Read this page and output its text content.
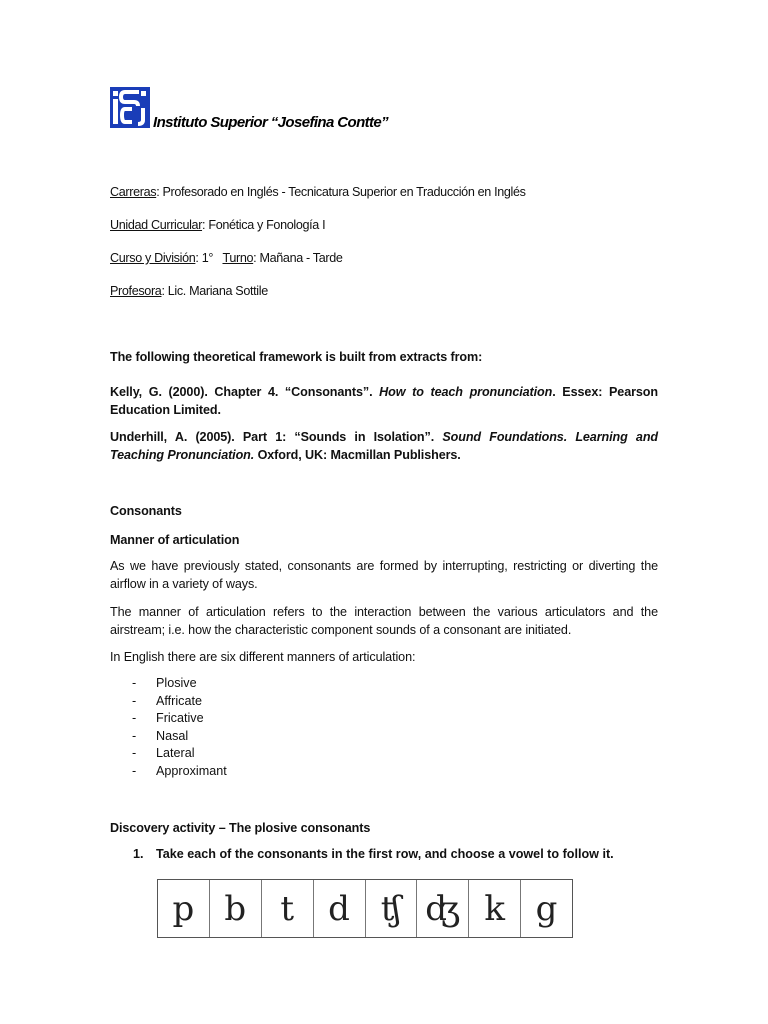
Instituto Superior “Josefina Contte”
Carreras: Profesorado en Inglés - Tecnicatura Superior en Traducción en Inglés
Unidad Curricular: Fonética y Fonología I
Curso y División: 1° Turno: Mañana - Tarde
Profesora: Lic. Mariana Sottile
The following theoretical framework is built from extracts from:
Kelly, G. (2000). Chapter 4. “Consonants”. How to teach pronunciation. Essex: Pearson Education Limited.
Underhill, A. (2005). Part 1: “Sounds in Isolation”. Sound Foundations. Learning and Teaching Pronunciation. Oxford, UK: Macmillan Publishers.
Consonants
Manner of articulation
As we have previously stated, consonants are formed by interrupting, restricting or diverting the airflow in a variety of ways.
The manner of articulation refers to the interaction between the various articulators and the airstream; i.e. how the characteristic component sounds of a consonant are initiated.
In English there are six different manners of articulation:
- Plosive
- Affricate
- Fricative
- Nasal
- Lateral
- Approximant
Discovery activity – The plosive consonants
1. Take each of the consonants in the first row, and choose a vowel to follow it.
p b	t	d ʧ ʤ k g
